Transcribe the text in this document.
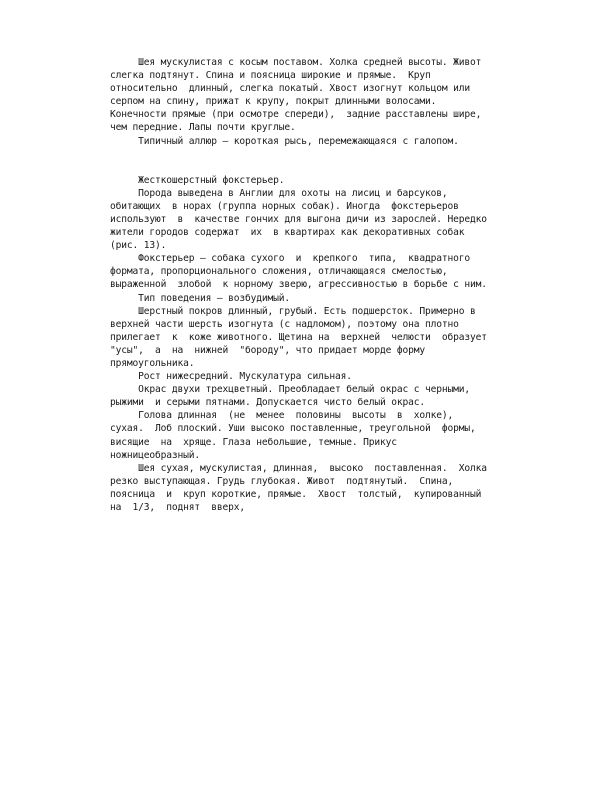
Шея мускулистая с косым поставом. Холка средней высоты. Живот
слегка подтянут. Спина и поясница широкие и прямые.  Круп
относительно  длинный, слегка покатый. Хвост изогнут кольцом или
серпом на спину, прижат к крупу, покрыт длинными волосами.
Конечности прямые (при осмотре спереди),  задние расставлены шире,
чем передние. Лапы почти круглые.
Типичный аллюр — короткая рысь, перемежающаяся с галопом.
Жесткошерстный фокстерьер.
Порода выведена в Англии для охоты на лисиц и барсуков,
обитающих  в норах (группа норных собак). Иногда  фокстерьеров
используют  в  качестве гончих для выгона дичи из зарослей. Нередко
жители городов содержат  их  в квартирах как декоративных собак
(рис. 13).
Фокстерьер — собака сухого  и  крепкого  типа,  квадратного
формата, пропорционального сложения, отличающаяся смелостью,
выраженной  злобой  к норному зверю, агрессивностью в борьбе с ним.
Тип поведения — возбудимый.
Шерстный покров длинный, грубый. Есть подшерсток. Примерно в
верхней части шерсть изогнута (с надломом), поэтому она плотно
прилегает  к  коже животного. Щетина на  верхней  челюсти  образует
"усы",  а  на  нижней  "бороду", что придает морде форму
прямоугольника.
Рост нижесредний. Мускулатура сильная.
Окрас двухи трехцветный. Преобладает белый окрас с черными,
рыжими  и серыми пятнами. Допускается чисто белый окрас.
Голова длинная  (не  менее  половины  высоты  в  холке),
сухая.  Лоб плоский. Уши высоко поставленные, треугольной  формы,
висящие  на  хряще. Глаза небольшие, темные. Прикус
ножницеобразный.
Шея сухая, мускулистая, длинная,  высоко  поставленная.  Холка
резко выступающая. Грудь глубокая. Живот  подтянутый.  Спина,
поясница  и  круп короткие, прямые.  Хвост  толстый,  купированный
на  1/3,  поднят  вверх,
